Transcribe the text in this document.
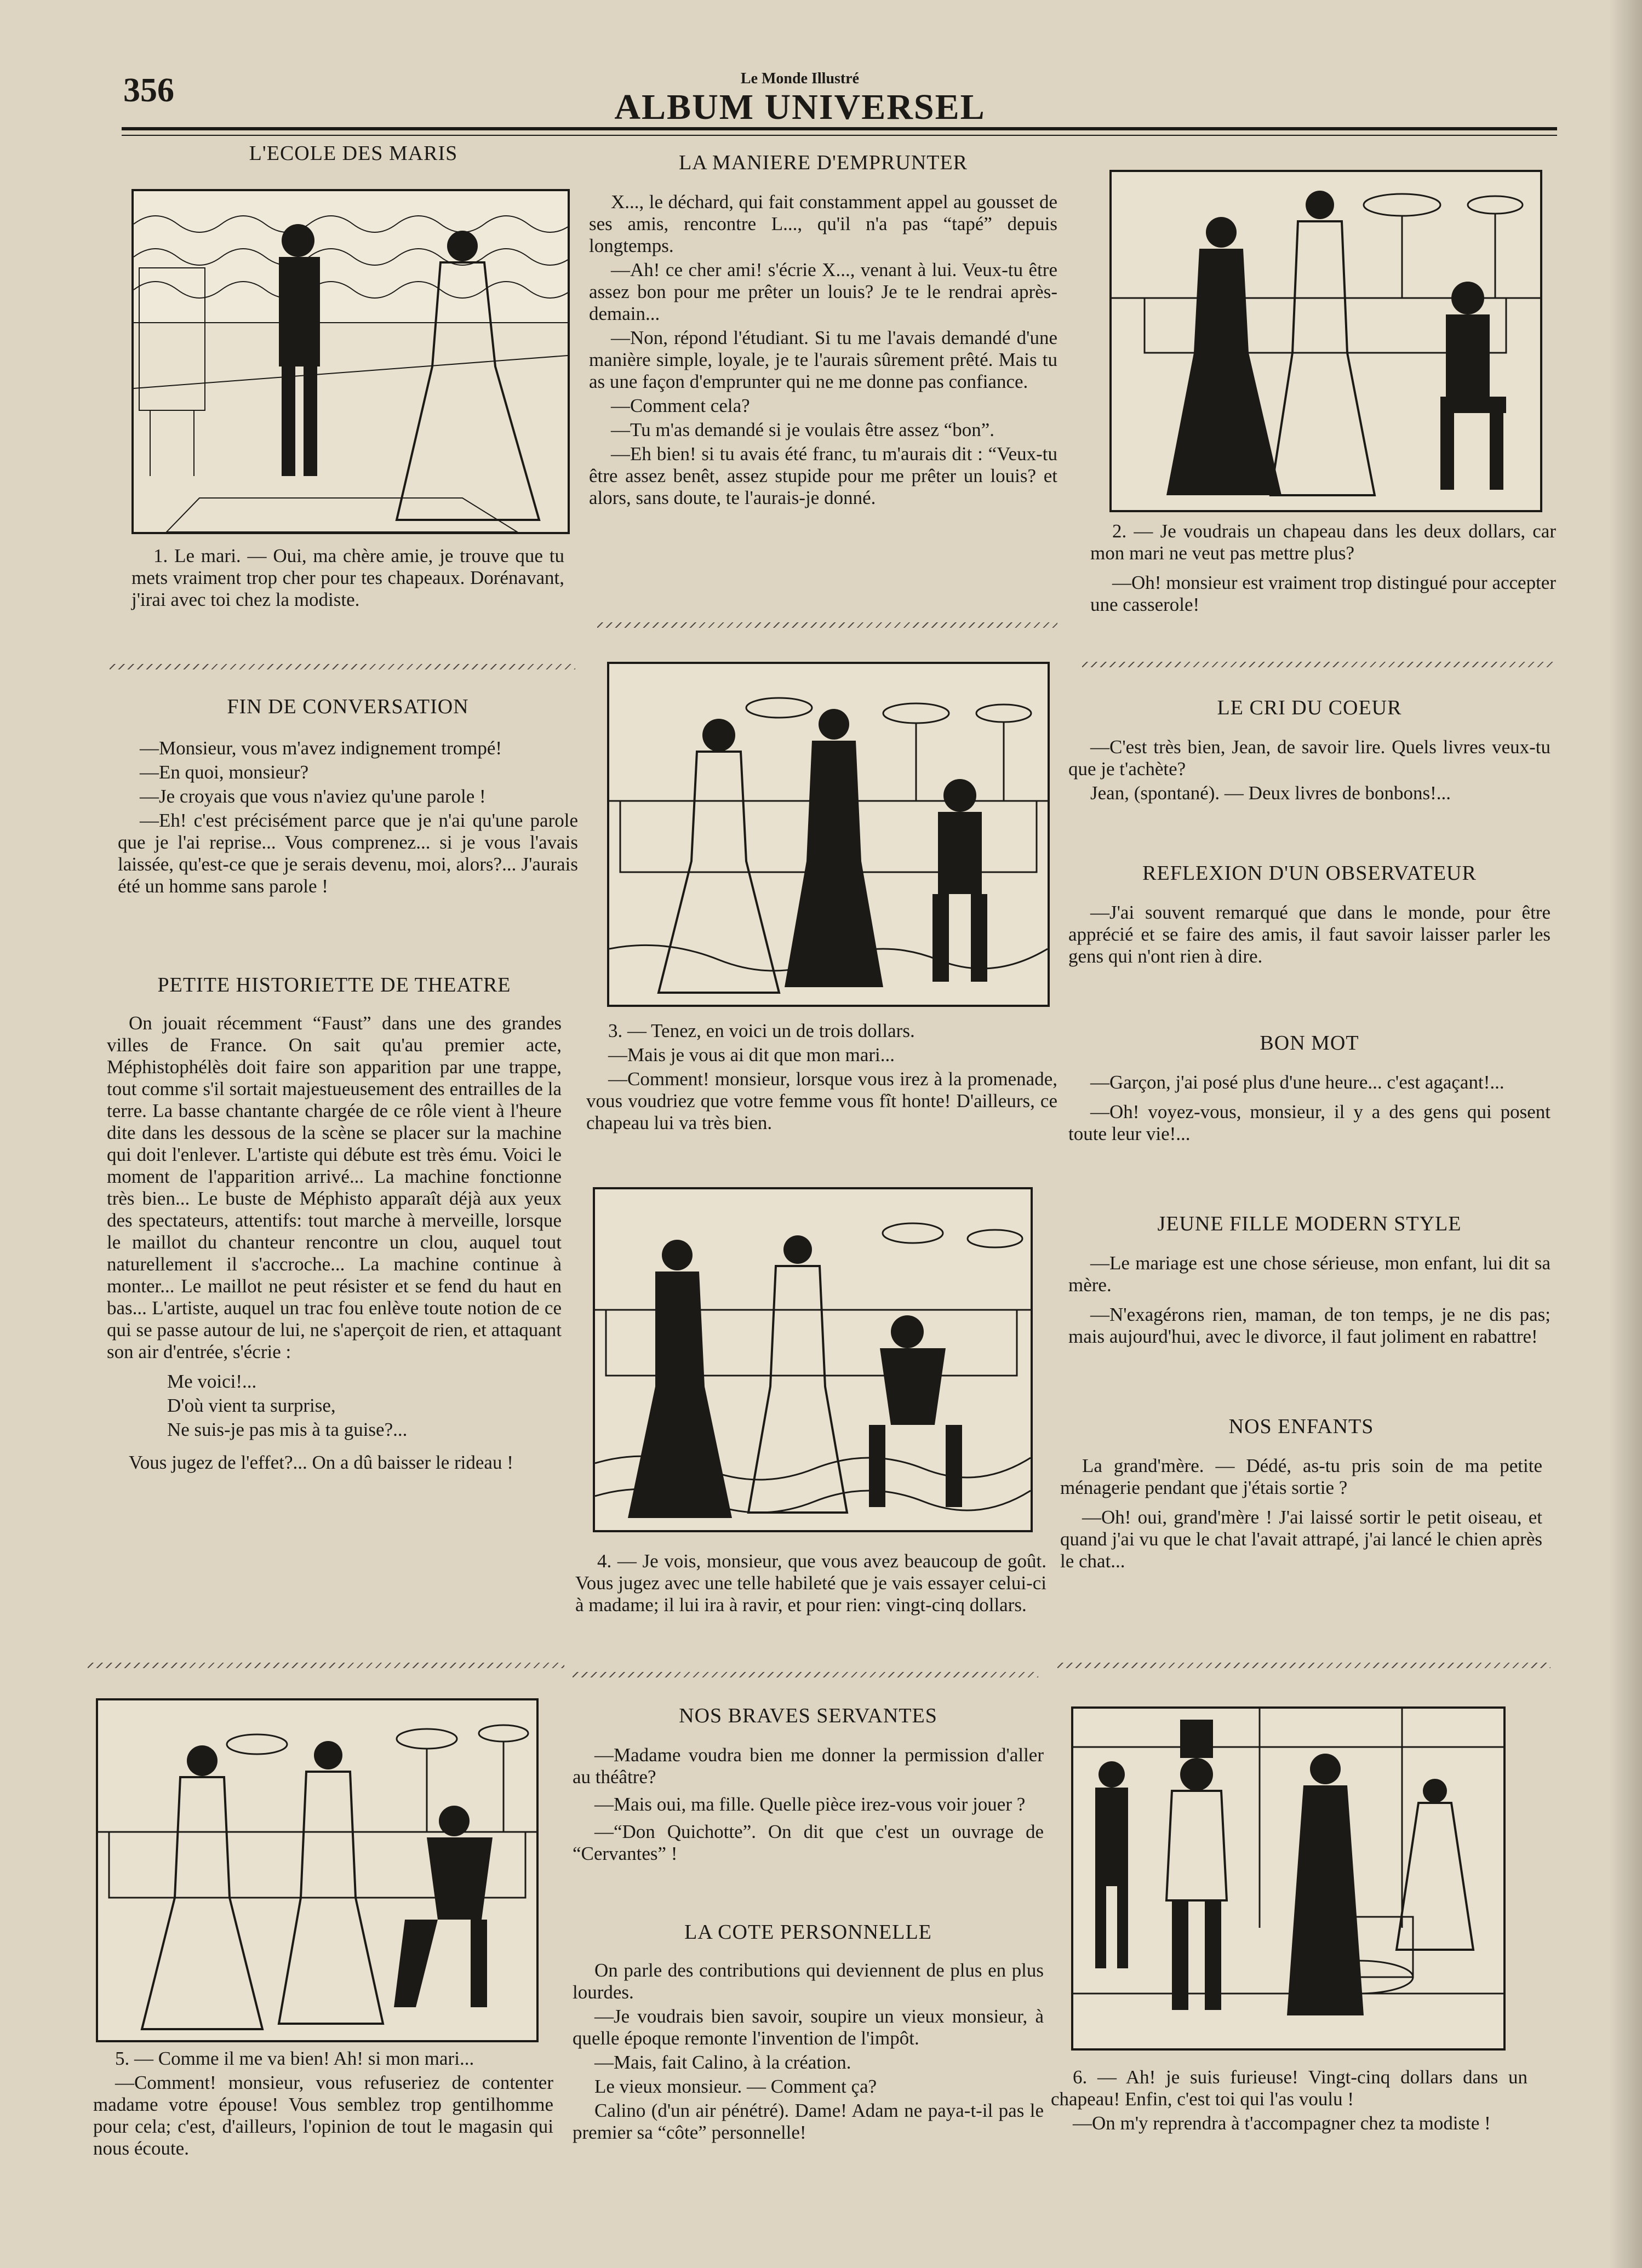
356	Le Monde Illustré
ALBUM UNIVERSEL
L'ECOLE DES MARIS

1. Le mari. — Oui, ma chère amie, je trouve que tu mets vraiment trop cher pour tes chapeaux. Dorénavant, j'irai avec toi chez la modiste.

LA MANIERE D'EMPRUNTER

X..., le déchard, qui fait constamment appel au gousset de ses amis, rencontre L..., qu'il n'a pas “tapé” depuis longtemps.

—Ah! ce cher ami! s'écrie X..., venant à lui. Veux-tu être assez bon pour me prêter un louis? Je te le rendrai après-demain...

—Non, répond l'étudiant. Si tu me l'avais demandé d'une manière simple, loyale, je te l'aurais sûrement prêté. Mais tu as une façon d'emprunter qui ne me donne pas confiance.

—Comment cela?

—Tu m'as demandé si je voulais être assez “bon”.

—Eh bien! si tu avais été franc, tu m'aurais dit : “Veux-tu être assez benêt, assez stupide pour me prêter un louis? et alors, sans doute, te l'aurais-je donné.

2. — Je voudrais un chapeau dans les deux dollars, car mon mari ne veut pas mettre plus?

—Oh! monsieur est vraiment trop distingué pour accepter une casserole!

FIN DE CONVERSATION

—Monsieur, vous m'avez indignement trompé!

—En quoi, monsieur?

—Je croyais que vous n'aviez qu'une parole !

—Eh! c'est précisément parce que je n'ai qu'une parole que je l'ai reprise... Vous comprenez... si je vous l'avais laissée, qu'est-ce que je serais devenu, moi, alors?... J'aurais été un homme sans parole !

PETITE HISTORIETTE DE THEATRE

On jouait récemment “Faust” dans une des grandes villes de France. On sait qu'au premier acte, Méphistophélès doit faire son apparition par une trappe, tout comme s'il sortait majestueusement des entrailles de la terre. La basse chantante chargée de ce rôle vient à l'heure dite dans les dessous de la scène se placer sur la machine qui doit l'enlever. L'artiste qui débute est très ému. Voici le moment de l'apparition arrivé... La machine fonctionne très bien... Le buste de Méphisto apparaît déjà aux yeux des spectateurs, attentifs: tout marche à merveille, lorsque le maillot du chanteur rencontre un clou, auquel tout naturellement il s'accroche... La machine continue à monter... Le maillot ne peut résister et se fend du haut en bas... L'artiste, auquel un trac fou enlève toute notion de ce qui se passe autour de lui, ne s'aperçoit de rien, et attaquant son air d'entrée, s'écrie :

Me voici!...
D'où vient ta surprise,
Ne suis-je pas mis à ta guise?...

Vous jugez de l'effet?... On a dû baisser le rideau !

3. — Tenez, en voici un de trois dollars.

—Mais je vous ai dit que mon mari...

—Comment! monsieur, lorsque vous irez à la promenade, vous voudriez que votre femme vous fît honte! D'ailleurs, ce chapeau lui va très bien.

4. — Je vois, monsieur, que vous avez beaucoup de goût. Vous jugez avec une telle habileté que je vais essayer celui-ci à madame; il lui ira à ravir, et pour rien: vingt-cinq dollars.

LE CRI DU COEUR

—C'est très bien, Jean, de savoir lire. Quels livres veux-tu que je t'achète?

Jean, (spontané). — Deux livres de bonbons!...

REFLEXION D'UN OBSERVATEUR

—J'ai souvent remarqué que dans le monde, pour être apprécié et se faire des amis, il faut savoir laisser parler les gens qui n'ont rien à dire.

BON MOT

—Garçon, j'ai posé plus d'une heure... c'est agaçant!...

—Oh! voyez-vous, monsieur, il y a des gens qui posent toute leur vie!...

JEUNE FILLE MODERN STYLE

—Le mariage est une chose sérieuse, mon enfant, lui dit sa mère.

—N'exagérons rien, maman, de ton temps, je ne dis pas; mais aujourd'hui, avec le divorce, il faut joliment en rabattre!

NOS ENFANTS

La grand'mère. — Dédé, as-tu pris soin de ma petite ménagerie pendant que j'étais sortie ?

—Oh! oui, grand'mère ! J'ai laissé sortir le petit oiseau, et quand j'ai vu que le chat l'avait attrapé, j'ai lancé le chien après le chat...

5. — Comme il me va bien! Ah! si mon mari...

—Comment! monsieur, vous refuseriez de contenter madame votre épouse! Vous semblez trop gentilhomme pour cela; c'est, d'ailleurs, l'opinion de tout le magasin qui nous écoute.

NOS BRAVES SERVANTES

—Madame voudra bien me donner la permission d'aller au théâtre?

—Mais oui, ma fille. Quelle pièce irez-vous voir jouer ?

—“Don Quichotte”. On dit que c'est un ouvrage de “Cervantes” !

LA COTE PERSONNELLE

On parle des contributions qui deviennent de plus en plus lourdes.

—Je voudrais bien savoir, soupire un vieux monsieur, à quelle époque remonte l'invention de l'impôt.

—Mais, fait Calino, à la création.

Le vieux monsieur. — Comment ça?

Calino (d'un air pénétré). Dame! Adam ne paya-t-il pas le premier sa “côte” personnelle!

6. — Ah! je suis furieuse! Vingt-cinq dollars dans un chapeau! Enfin, c'est toi qui l'as voulu !

—On m'y reprendra à t'accompagner chez ta modiste !
